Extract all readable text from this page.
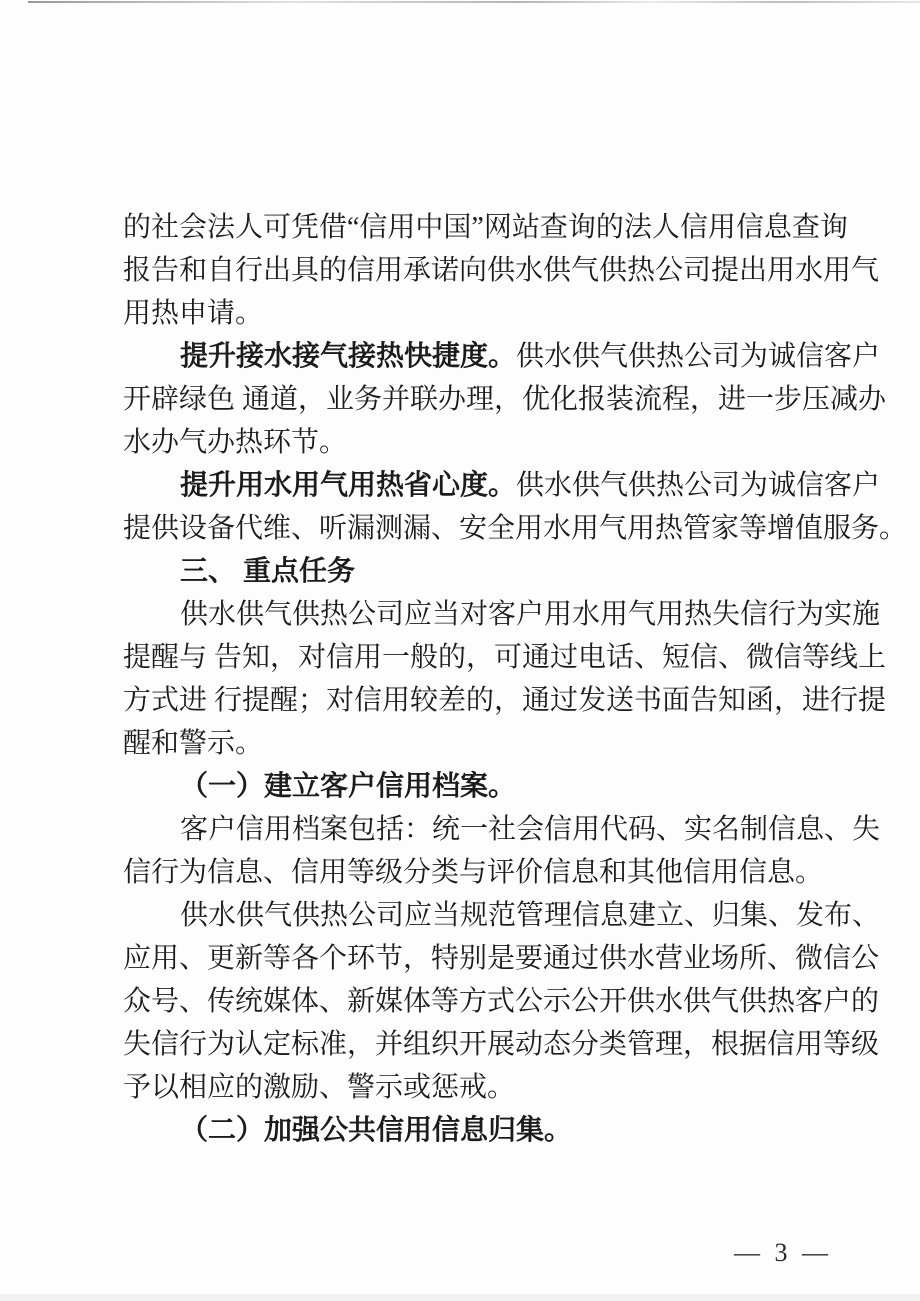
的社会法人可凭借“信用中国”网站查询的法人信用信息查询
报告和自行出具的信用承诺向供水供气供热公司提出用水用气
用热申请。
提升接水接气接热快捷度。供水供气供热公司为诚信客户
开辟绿色 通道，业务并联办理，优化报装流程，进一步压减办
水办气办热环节。
提升用水用气用热省心度。供水供气供热公司为诚信客户
提供设备代维、听漏测漏、安全用水用气用热管家等增值服务。
三、 重点任务
供水供气供热公司应当对客户用水用气用热失信行为实施
提醒与 告知，对信用一般的，可通过电话、短信、微信等线上
方式进 行提醒；对信用较差的，通过发送书面告知函，进行提
醒和警示。
（一）建立客户信用档案。
客户信用档案包括：统一社会信用代码、实名制信息、失
信行为信息、信用等级分类与评价信息和其他信用信息。
供水供气供热公司应当规范管理信息建立、归集、发布、
应用、更新等各个环节，特别是要通过供水营业场所、微信公
众号、传统媒体、新媒体等方式公示公开供水供气供热客户的
失信行为认定标准，并组织开展动态分类管理，根据信用等级
予以相应的激励、警示或惩戒。
（二）加强公共信用信息归集。
— 3 —
